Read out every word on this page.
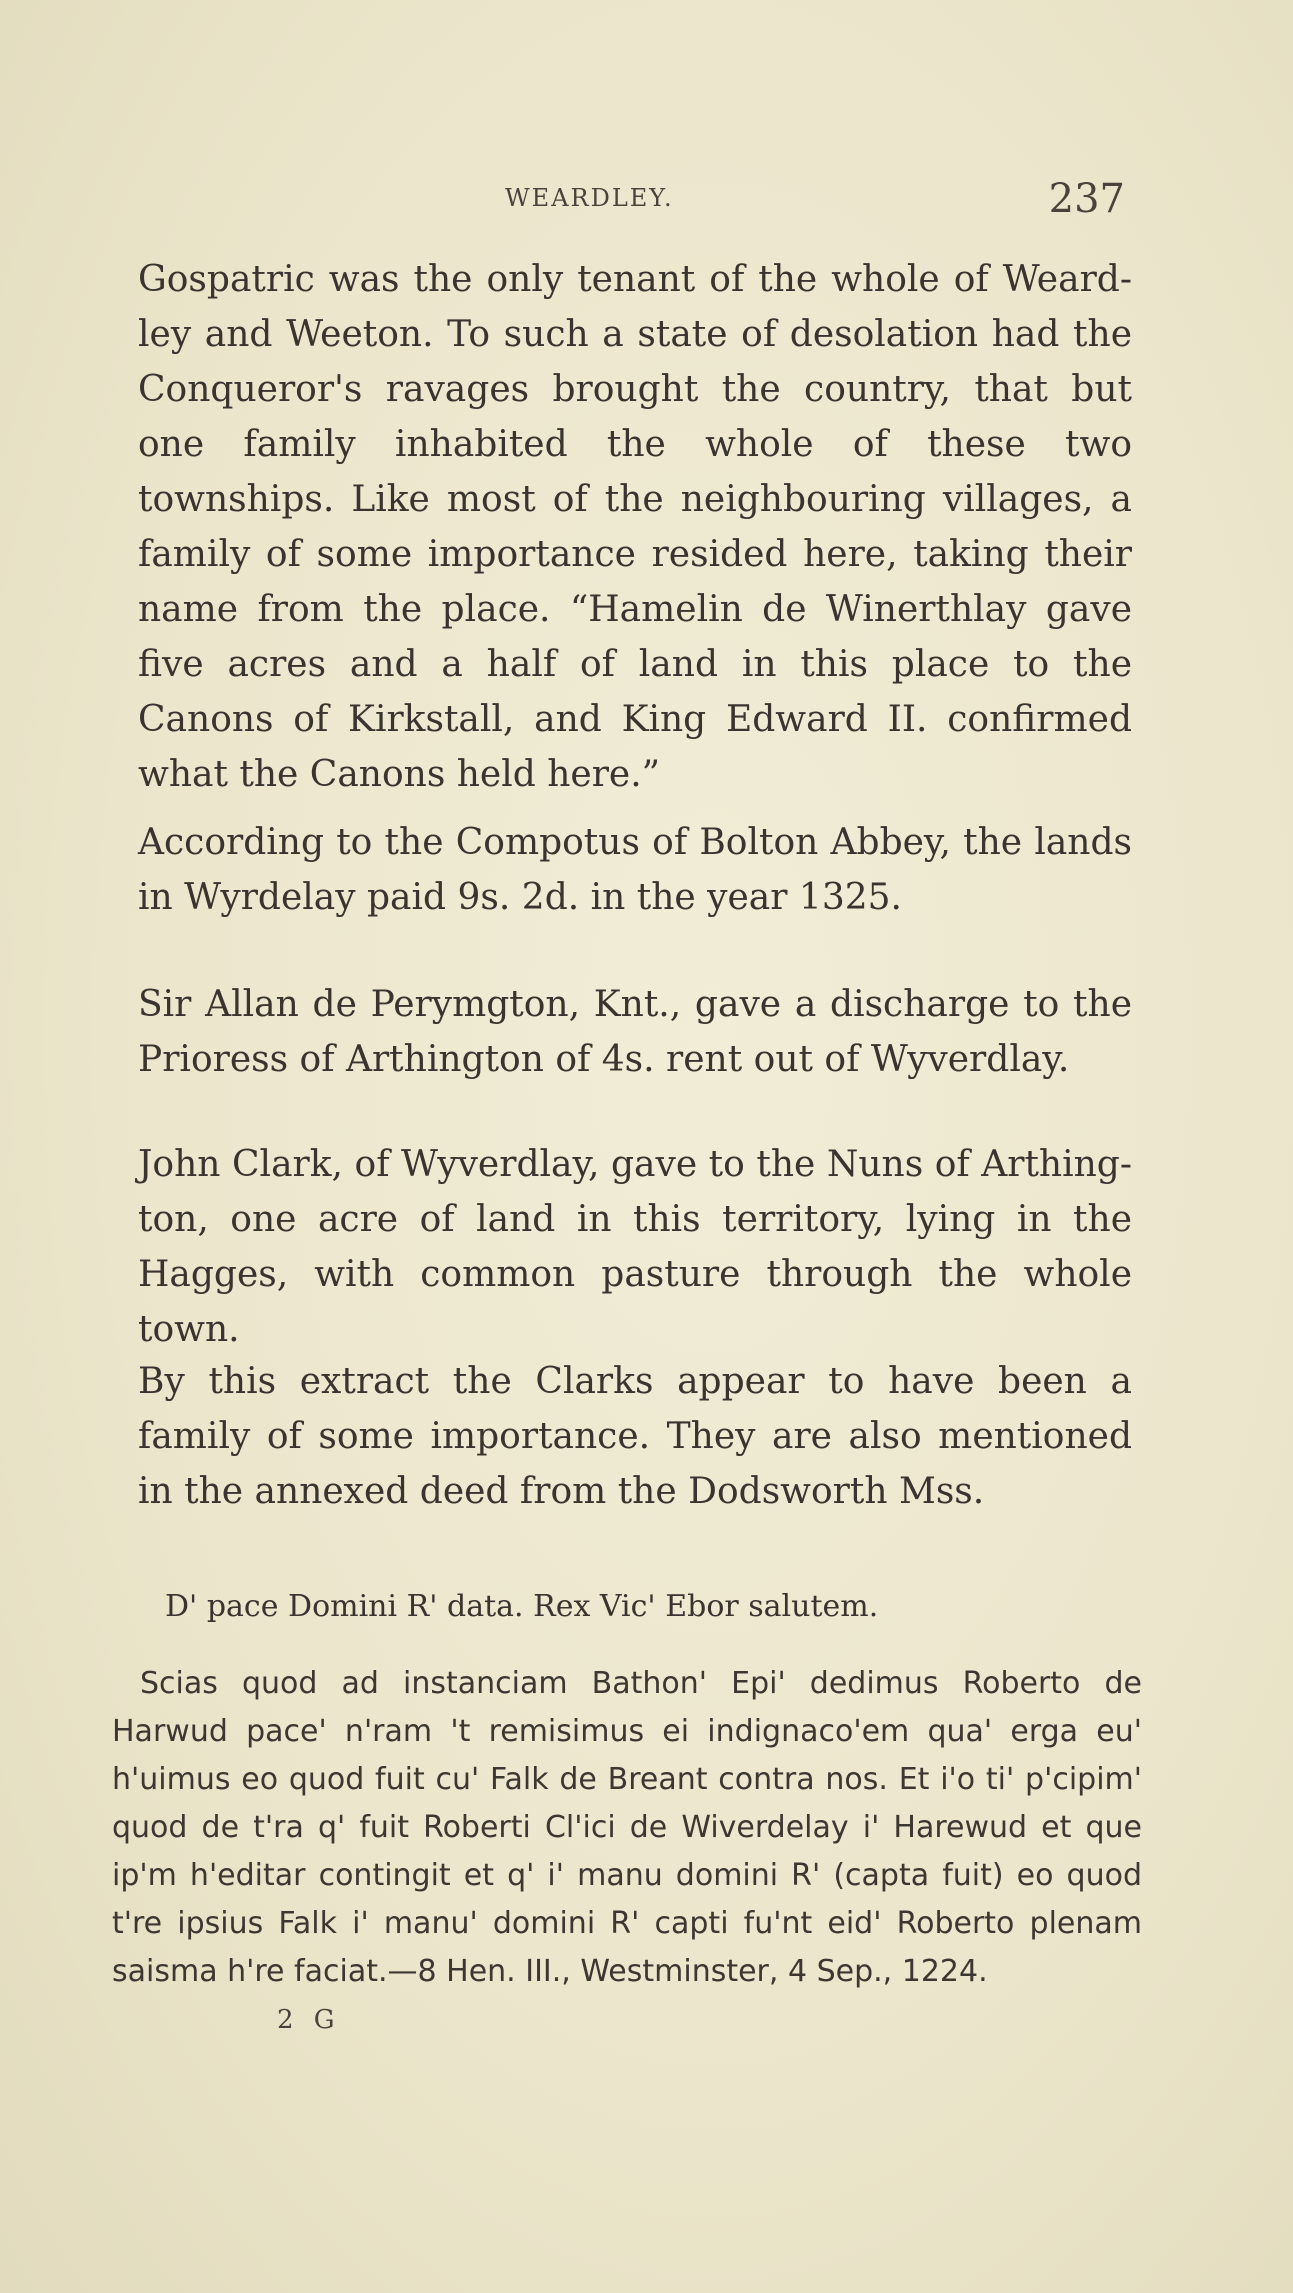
WEARDLEY.	237

Gospatric was the only tenant of the whole of Weard-ley and Weeton. To such a state of desolation had the Conqueror's ravages brought the country, that but one family inhabited the whole of these two townships. Like most of the neighbouring villages, a family of some importance resided here, taking their name from the place. “Hamelin de Winerthlay gave five acres and a half of land in this place to the Canons of Kirkstall, and King Edward II. confirmed what the Canons held here.”

According to the Compotus of Bolton Abbey, the lands in Wyrdelay paid 9s. 2d. in the year 1325.

Sir Allan de Perymgton, Knt., gave a discharge to the Prioress of Arthington of 4s. rent out of Wyverdlay.

John Clark, of Wyverdlay, gave to the Nuns of Arthing-ton, one acre of land in this territory, lying in the Hagges, with common pasture through the whole town.

By this extract the Clarks appear to have been a family of some importance. They are also mentioned in the annexed deed from the Dodsworth Mss.

D' pace Domini R' data. Rex Vic' Ebor salutem.

Scias quod ad instanciam Bathon' Epi' dedimus Roberto de Harwud pace' n'ram 't remisimus ei indignaco'em qua' erga eu' h'uimus eo quod fuit cu' Falk de Breant contra nos. Et i'o ti' p'cipim' quod de t'ra q' fuit Roberti Cl'ici de Wiverdelay i' Harewud et que ip'm h'editar contingit et q' i' manu domini R' (capta fuit) eo quod t're ipsius Falk i' manu' domini R' capti fu'nt eid' Roberto plenam saisma h're faciat.—8 Hen. III., Westminster, 4 Sep., 1224.

2 G
